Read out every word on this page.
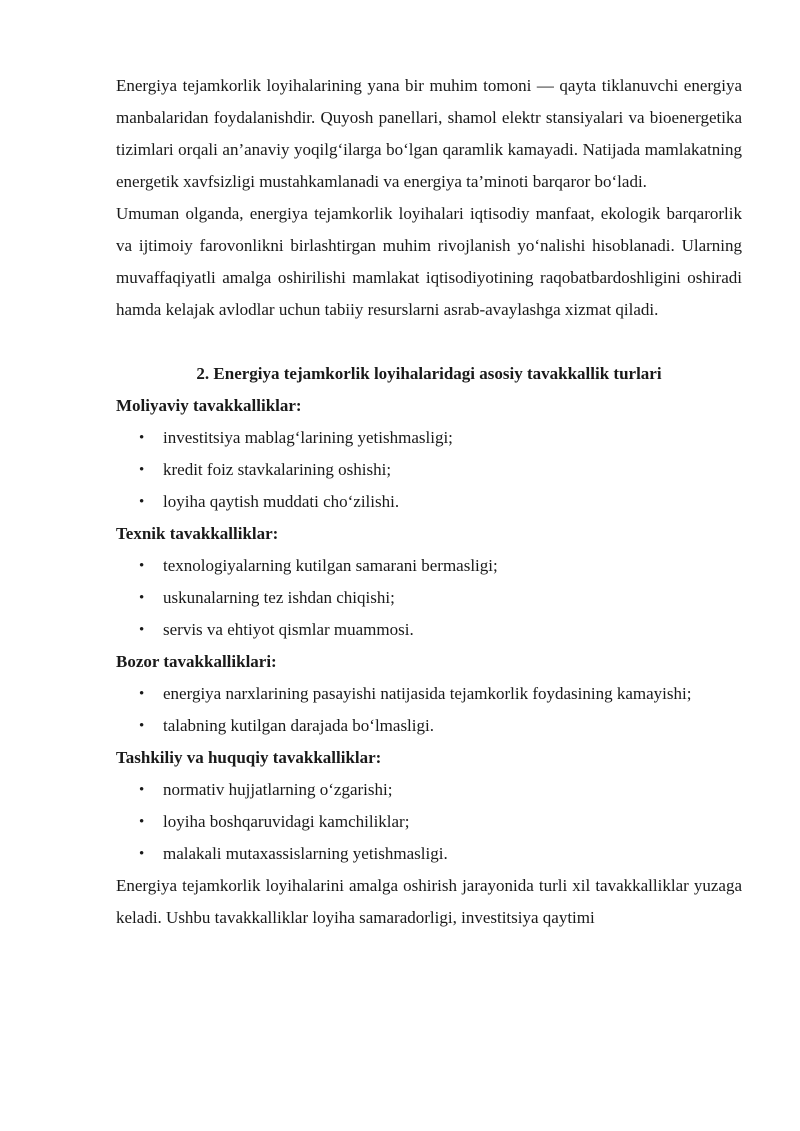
Energiya tejamkorlik loyihalarining yana bir muhim tomoni — qayta tiklanuvchi energiya manbalaridan foydalanishdir. Quyosh panellari, shamol elektr stansiyalari va bioenergetika tizimlari orqali an’anaviy yoqilg‘ilarga bo‘lgan qaramlik kamayadi. Natijada mamlakatning energetik xavfsizligi mustahkamlanadi va energiya ta’minoti barqaror bo‘ladi.

Umuman olganda, energiya tejamkorlik loyihalari iqtisodiy manfaat, ekologik barqarorlik va ijtimoiy farovonlikni birlashtirgan muhim rivojlanish yo‘nalishi hisoblanadi. Ularning muvaffaqiyatli amalga oshirilishi mamlakat iqtisodiyotining raqobatbardoshligini oshiradi hamda kelajak avlodlar uchun tabiiy resurslarni asrab-avaylashga xizmat qiladi.

2. Energiya tejamkorlik loyihalaridagi asosiy tavakkallik turlari

Moliyaviy tavakkalliklar:

• investitsiya mablag‘larining yetishmasligi;
• kredit foiz stavkalarining oshishi;
• loyiha qaytish muddati cho‘zilishi.

Texnik tavakkalliklar:

• texnologiyalarning kutilgan samarani bermasligi;
• uskunalarning tez ishdan chiqishi;
• servis va ehtiyot qismlar muammosi.

Bozor tavakkalliklari:

• energiya narxlarining pasayishi natijasida tejamkorlik foydasining kamayishi;
• talabning kutilgan darajada bo‘lmasligi.

Tashkiliy va huquqiy tavakkalliklar:

• normativ hujjatlarning o‘zgarishi;
• loyiha boshqaruvidagi kamchiliklar;
• malakali mutaxassislarning yetishmasligi.

Energiya tejamkorlik loyihalarini amalga oshirish jarayonida turli xil tavakkalliklar yuzaga keladi. Ushbu tavakkalliklar loyiha samaradorligi, investitsiya qaytimi
